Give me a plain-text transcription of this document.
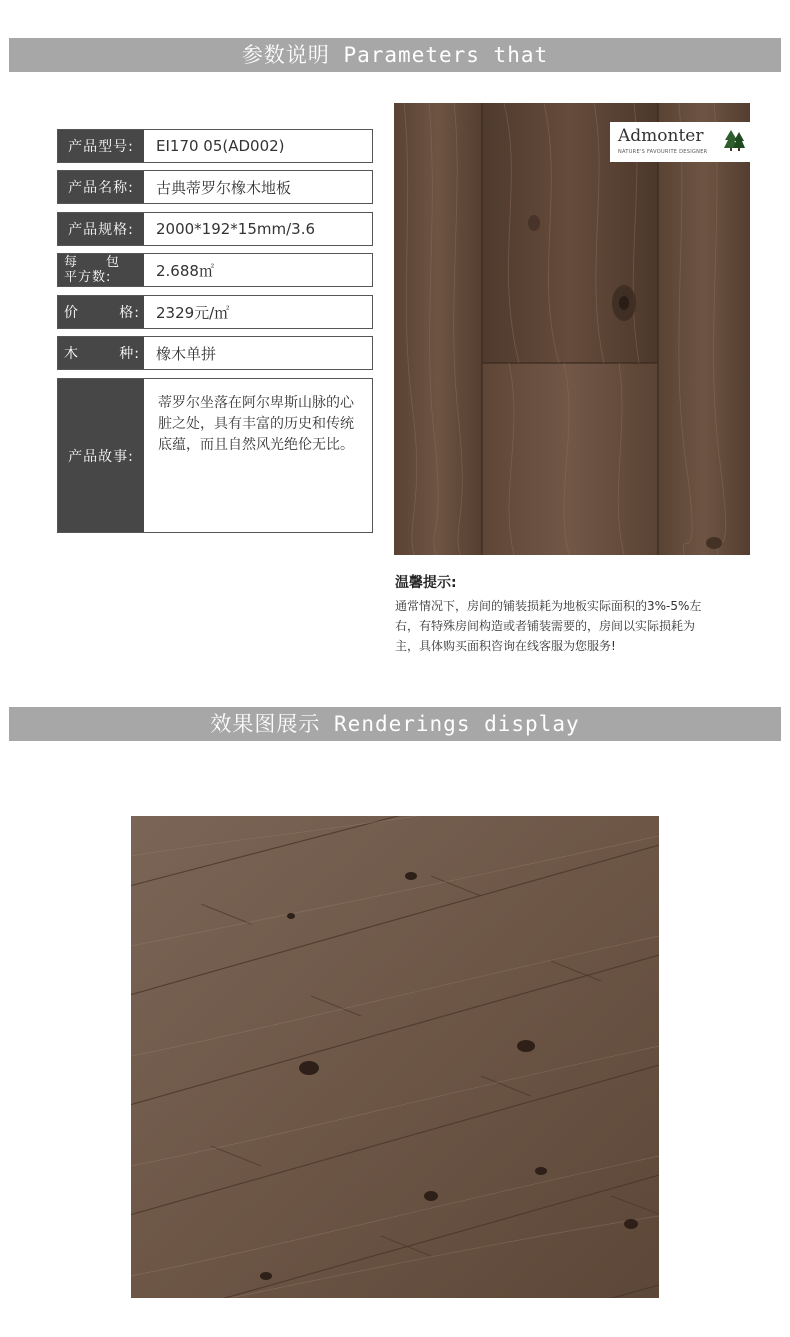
参数说明 Parameters that
产品型号:	EI170 05(AD002)
产品名称:	古典蒂罗尔橡木地板
产品规格:	2000*192*15mm/3.6
每　　包
平方数:	2.688㎡
价	格:	2329元/㎡
木	种:	橡木单拼
产品故事:
蒂罗尔坐落在阿尔卑斯山脉的心脏之处，具有丰富的历史和传统底蕴，而且自然风光绝伦无比。
Admonter
NATURE'S FAVOURITE DESIGNER
温馨提示:
通常情况下，房间的铺装损耗为地板实际面积的3%-5%左右，有特殊房间构造或者铺装需要的，房间以实际损耗为主，具体购买面积咨询在线客服为您服务!
效果图展示 Renderings display
